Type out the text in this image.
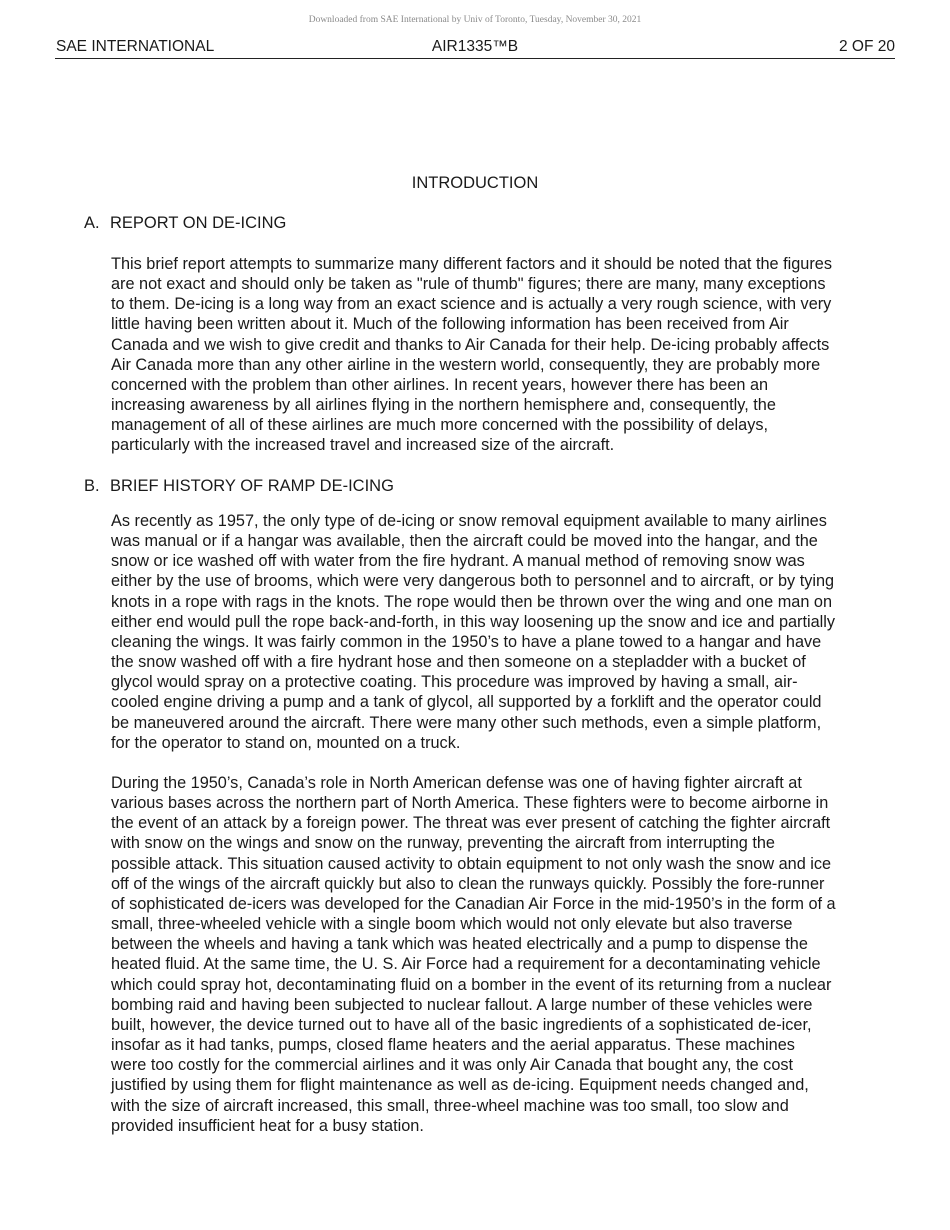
Downloaded from SAE International by Univ of Toronto, Tuesday, November 30, 2021
SAE INTERNATIONAL	AIR1335™B	2 OF 20
INTRODUCTION
A. REPORT ON DE-ICING
This brief report attempts to summarize many different factors and it should be noted that the figures
are not exact and should only be taken as "rule of thumb" figures; there are many, many exceptions
to them. De-icing is a long way from an exact science and is actually a very rough science, with very
little having been written about it. Much of the following information has been received from Air
Canada and we wish to give credit and thanks to Air Canada for their help. De-icing probably affects
Air Canada more than any other airline in the western world, consequently, they are probably more
concerned with the problem than other airlines. In recent years, however there has been an
increasing awareness by all airlines flying in the northern hemisphere and, consequently, the
management of all of these airlines are much more concerned with the possibility of delays,
particularly with the increased travel and increased size of the aircraft.
B. BRIEF HISTORY OF RAMP DE-ICING
As recently as 1957, the only type of de-icing or snow removal equipment available to many airlines
was manual or if a hangar was available, then the aircraft could be moved into the hangar, and the
snow or ice washed off with water from the fire hydrant. A manual method of removing snow was
either by the use of brooms, which were very dangerous both to personnel and to aircraft, or by tying
knots in a rope with rags in the knots. The rope would then be thrown over the wing and one man on
either end would pull the rope back-and-forth, in this way loosening up the snow and ice and partially
cleaning the wings. It was fairly common in the 1950’s to have a plane towed to a hangar and have
the snow washed off with a fire hydrant hose and then someone on a stepladder with a bucket of
glycol would spray on a protective coating. This procedure was improved by having a small, air-
cooled engine driving a pump and a tank of glycol, all supported by a forklift and the operator could
be maneuvered around the aircraft. There were many other such methods, even a simple platform,
for the operator to stand on, mounted on a truck.
During the 1950’s, Canada’s role in North American defense was one of having fighter aircraft at
various bases across the northern part of North America. These fighters were to become airborne in
the event of an attack by a foreign power. The threat was ever present of catching the fighter aircraft
with snow on the wings and snow on the runway, preventing the aircraft from interrupting the
possible attack. This situation caused activity to obtain equipment to not only wash the snow and ice
off of the wings of the aircraft quickly but also to clean the runways quickly. Possibly the fore-runner
of sophisticated de-icers was developed for the Canadian Air Force in the mid-1950’s in the form of a
small, three-wheeled vehicle with a single boom which would not only elevate but also traverse
between the wheels and having a tank which was heated electrically and a pump to dispense the
heated fluid. At the same time, the U. S. Air Force had a requirement for a decontaminating vehicle
which could spray hot, decontaminating fluid on a bomber in the event of its returning from a nuclear
bombing raid and having been subjected to nuclear fallout. A large number of these vehicles were
built, however, the device turned out to have all of the basic ingredients of a sophisticated de-icer,
insofar as it had tanks, pumps, closed flame heaters and the aerial apparatus. These machines
were too costly for the commercial airlines and it was only Air Canada that bought any, the cost
justified by using them for flight maintenance as well as de-icing. Equipment needs changed and,
with the size of aircraft increased, this small, three-wheel machine was too small, too slow and
provided insufficient heat for a busy station.
